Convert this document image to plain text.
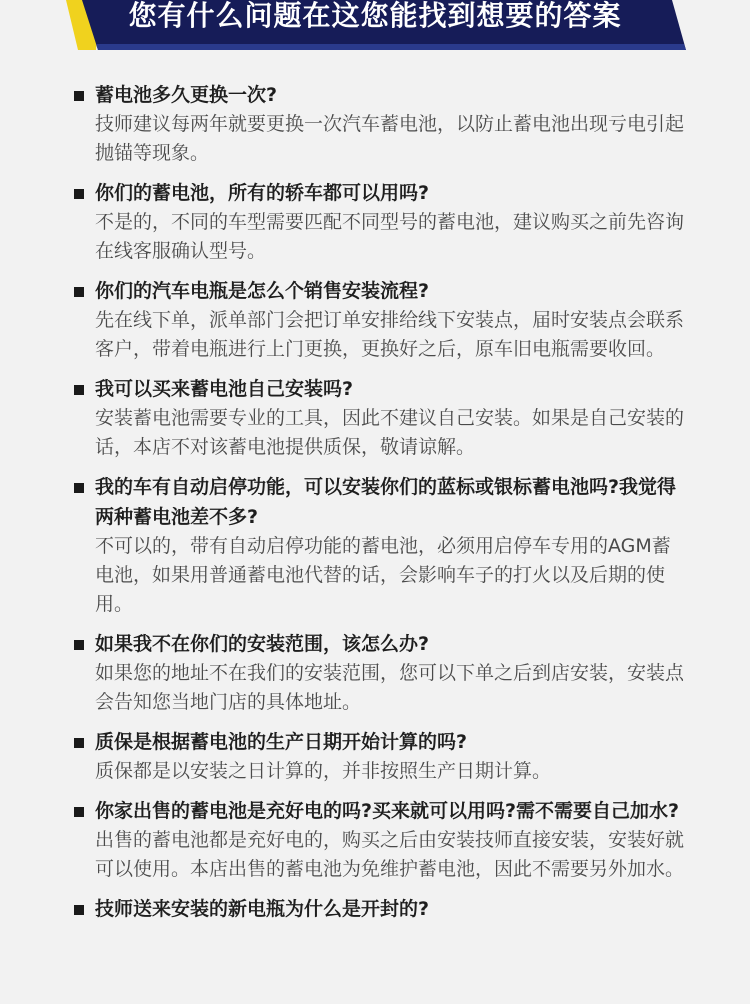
您有什么问题在这您能找到想要的答案
蓄电池多久更换一次?
技师建议每两年就要更换一次汽车蓄电池，以防止蓄电池出现亏电引起抛锚等现象。
你们的蓄电池，所有的轿车都可以用吗?
不是的，不同的车型需要匹配不同型号的蓄电池，建议购买之前先咨询在线客服确认型号。
你们的汽车电瓶是怎么个销售安装流程?
先在线下单，派单部门会把订单安排给线下安装点，届时安装点会联系客户，带着电瓶进行上门更换，更换好之后，原车旧电瓶需要收回。
我可以买来蓄电池自己安装吗?
安装蓄电池需要专业的工具，因此不建议自己安装。如果是自己安装的话，本店不对该蓄电池提供质保，敬请谅解。
我的车有自动启停功能，可以安装你们的蓝标或银标蓄电池吗?我觉得两种蓄电池差不多?
不可以的，带有自动启停功能的蓄电池，必须用启停车专用的AGM蓄电池，如果用普通蓄电池代替的话，会影响车子的打火以及后期的使用。
如果我不在你们的安装范围，该怎么办?
如果您的地址不在我们的安装范围，您可以下单之后到店安装，安装点会告知您当地门店的具体地址。
质保是根据蓄电池的生产日期开始计算的吗?
质保都是以安装之日计算的，并非按照生产日期计算。
你家出售的蓄电池是充好电的吗?买来就可以用吗?需不需要自己加水?
出售的蓄电池都是充好电的，购买之后由安装技师直接安装，安装好就可以使用。本店出售的蓄电池为免维护蓄电池，因此不需要另外加水。
技师送来安装的新电瓶为什么是开封的?
